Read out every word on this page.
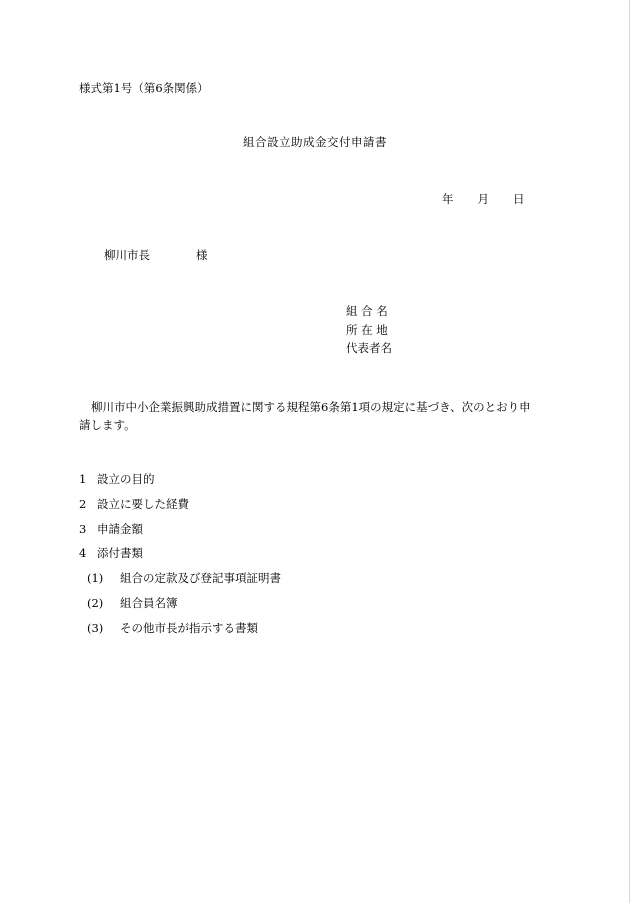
様式第1号（第6条関係）
組合設立助成金交付申請書
年 月 日
柳川市長	様
組 合 名
所 在 地
代表者名
柳川市中小企業振興助成措置に関する規程第6条第1項の規定に基づき、次のとおり申請します。
1 設立の目的
2 設立に要した経費
3 申請金額
4 添付書類
(1) 組合の定款及び登記事項証明書
(2) 組合員名簿
(3) その他市長が指示する書類
